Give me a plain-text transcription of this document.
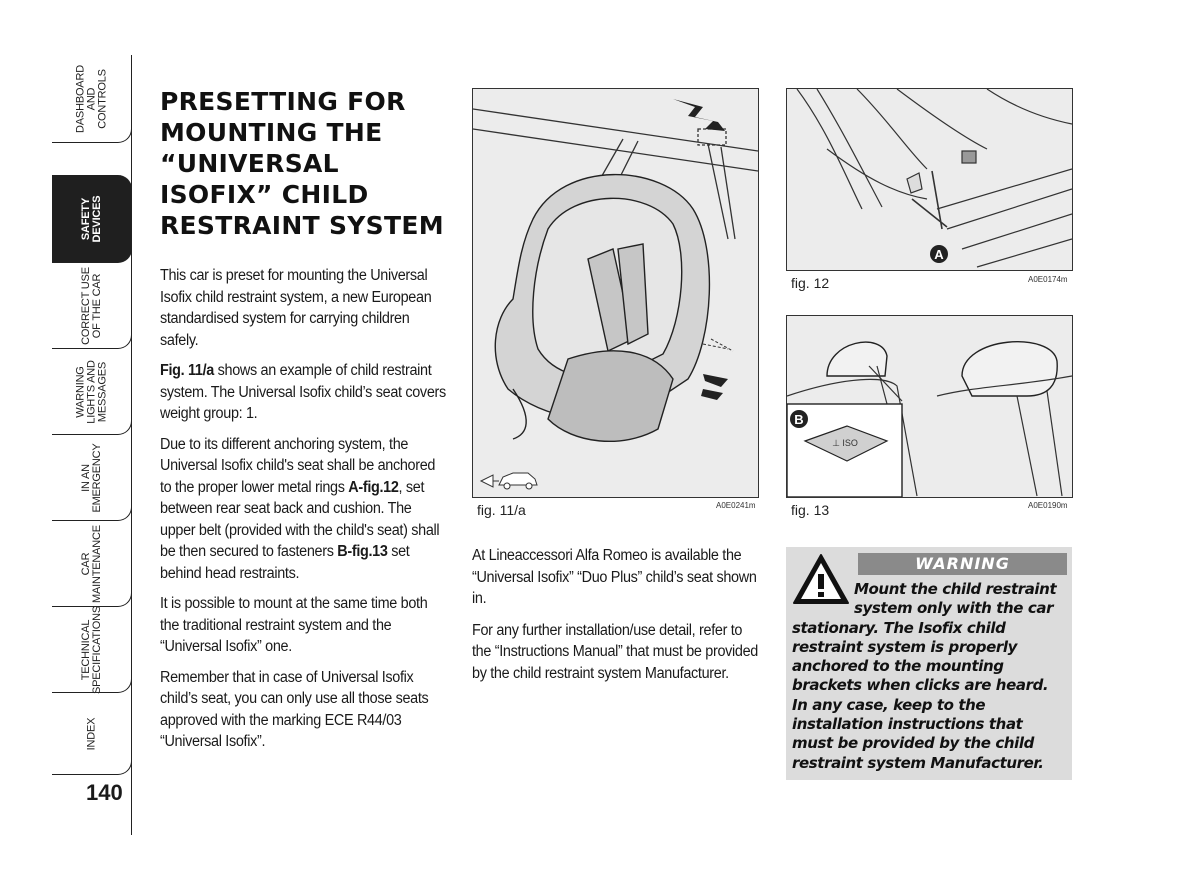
DASHBOARD
AND
CONTROLS
SAFETY
DEVICES
CORRECT USE
OF THE CAR
WARNING
LIGHTS AND
MESSAGES
IN AN
EMERGENCY
CAR
MAINTENANCE
TECHNICAL
SPECIFICATIONS
INDEX
140
PRESETTING FOR
MOUNTING THE
“UNIVERSAL
ISOFIX” CHILD
RESTRAINT SYSTEM

This car is preset for mounting the Universal Isofix child restraint system, a new European standardised system for carrying children safely.

Fig. 11/a shows an example of child restraint system. The Universal Isofix child’s seat covers weight group: 1.

Due to its different anchoring system, the Universal Isofix child's seat shall be anchored to the proper lower metal rings A-fig.12, set between rear seat back and cushion. The upper belt (provided with the child's seat) shall be then secured to fasteners B-fig.13 set behind head restraints.

It is possible to mount at the same time both the traditional restraint system and the “Universal Isofix” one.

Remember that in case of Universal Isofix child’s seat, you can only use all those seats approved with the marking ECE R44/03 “Universal Isofix”.

fig. 11/a	A0E0241m
A
fig. 12	A0E0174m
⊥ ISO
B
fig. 13	A0E0190m

At Lineaccessori Alfa Romeo is available the “Universal Isofix” “Duo Plus” child’s seat shown in.

For any further installation/use detail, refer to the “Instructions Manual” that must be provided by the child restraint system Manufacturer.

WARNING
Mount the child restraint
system only with the car
stationary. The Isofix child restraint system is properly anchored to the mounting brackets when clicks are heard. In any case, keep to the installation instructions that must be provided by the child restraint system Manufacturer.
